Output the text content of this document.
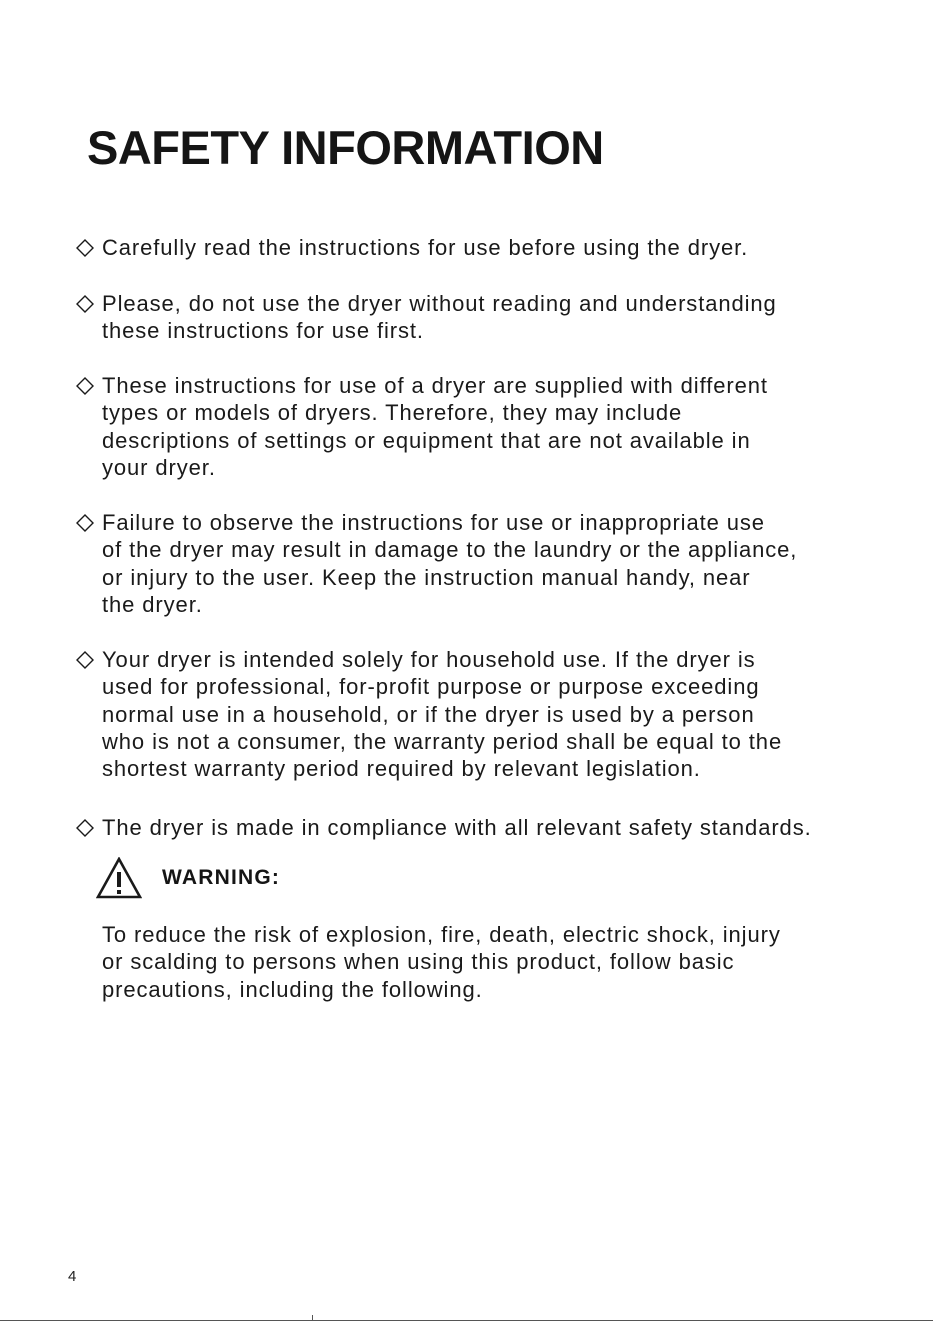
SAFETY INFORMATION
Carefully read the instructions for use before using the dryer.
Please, do not use the dryer without reading and understanding
these instructions for use first.
These instructions for use of a dryer are supplied with different
types or models of dryers. Therefore, they may include
descriptions of settings or equipment that are not available in
your dryer.
Failure to observe the instructions for use or inappropriate use
of the dryer may result in damage to the laundry or the appliance,
or injury to the user. Keep the instruction manual handy, near
the dryer.
Your dryer is intended solely for household use. If the dryer is
used for professional, for-profit purpose or purpose exceeding
normal use in a household, or if the dryer is used by a person
who is not a consumer, the warranty period shall be equal to the
shortest warranty period required by relevant legislation.
The dryer is made in compliance with all relevant safety standards.
WARNING:
To reduce the risk of explosion, fire, death, electric shock, injury
or scalding to persons when using this product, follow basic
precautions, including the following.
4
